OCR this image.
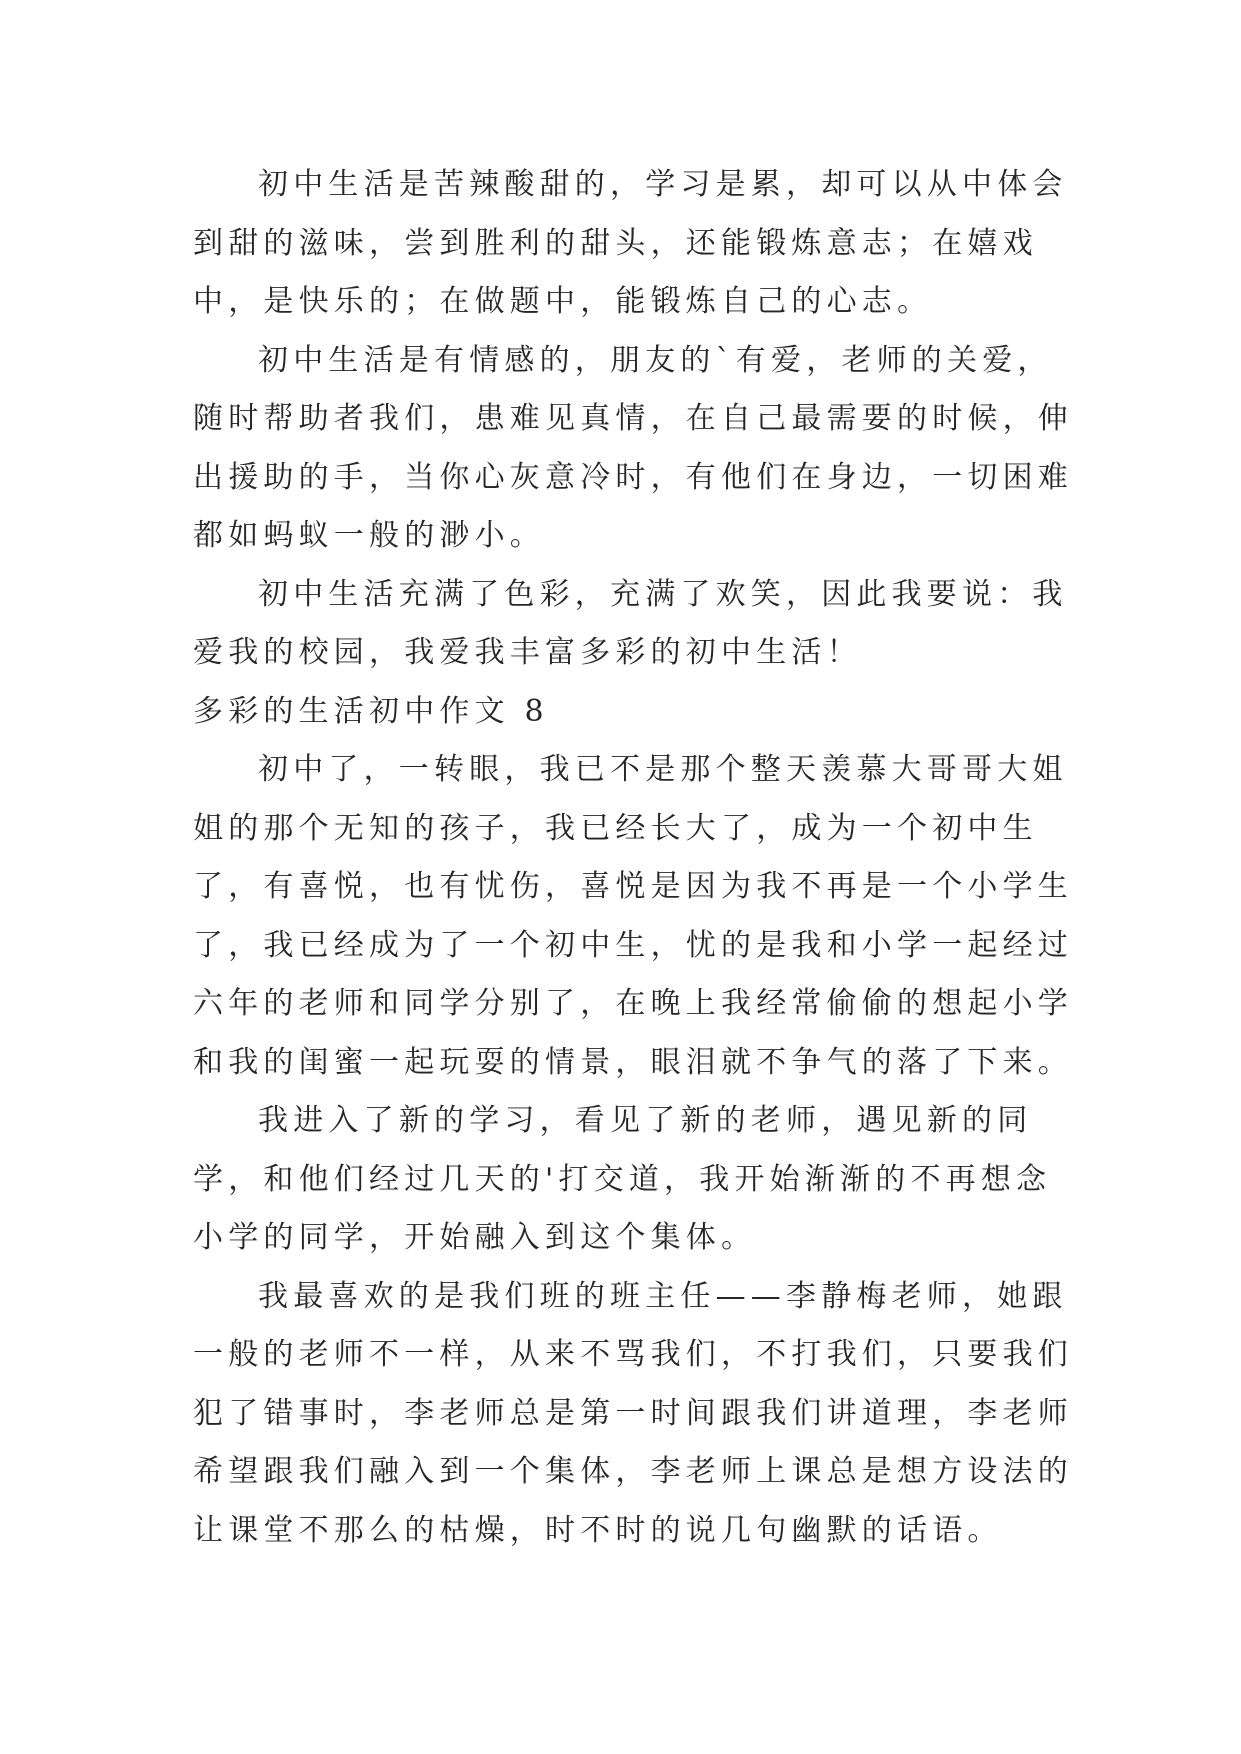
初中生活是苦辣酸甜的，学习是累，却可以从中体会到甜的滋味，尝到胜利的甜头，还能锻炼意志；在嬉戏中，是快乐的；在做题中，能锻炼自己的心志。

初中生活是有情感的，朋友的`有爱，老师的关爱，随时帮助者我们，患难见真情，在自己最需要的时候，伸出援助的手，当你心灰意冷时，有他们在身边，一切困难都如蚂蚁一般的渺小。

初中生活充满了色彩，充满了欢笑，因此我要说：我爱我的校园，我爱我丰富多彩的初中生活！

多彩的生活初中作文 8

初中了，一转眼，我已不是那个整天羡慕大哥哥大姐姐的那个无知的孩子，我已经长大了，成为一个初中生了，有喜悦，也有忧伤，喜悦是因为我不再是一个小学生了，我已经成为了一个初中生，忧的是我和小学一起经过六年的老师和同学分别了，在晚上我经常偷偷的想起小学和我的闺蜜一起玩耍的情景，眼泪就不争气的落了下来。

我进入了新的学习，看见了新的老师，遇见新的同学，和他们经过几天的'打交道，我开始渐渐的不再想念小学的同学，开始融入到这个集体。

我最喜欢的是我们班的班主任——李静梅老师，她跟一般的老师不一样，从来不骂我们，不打我们，只要我们犯了错事时，李老师总是第一时间跟我们讲道理，李老师希望跟我们融入到一个集体，李老师上课总是想方设法的让课堂不那么的枯燥，时不时的说几句幽默的话语。
